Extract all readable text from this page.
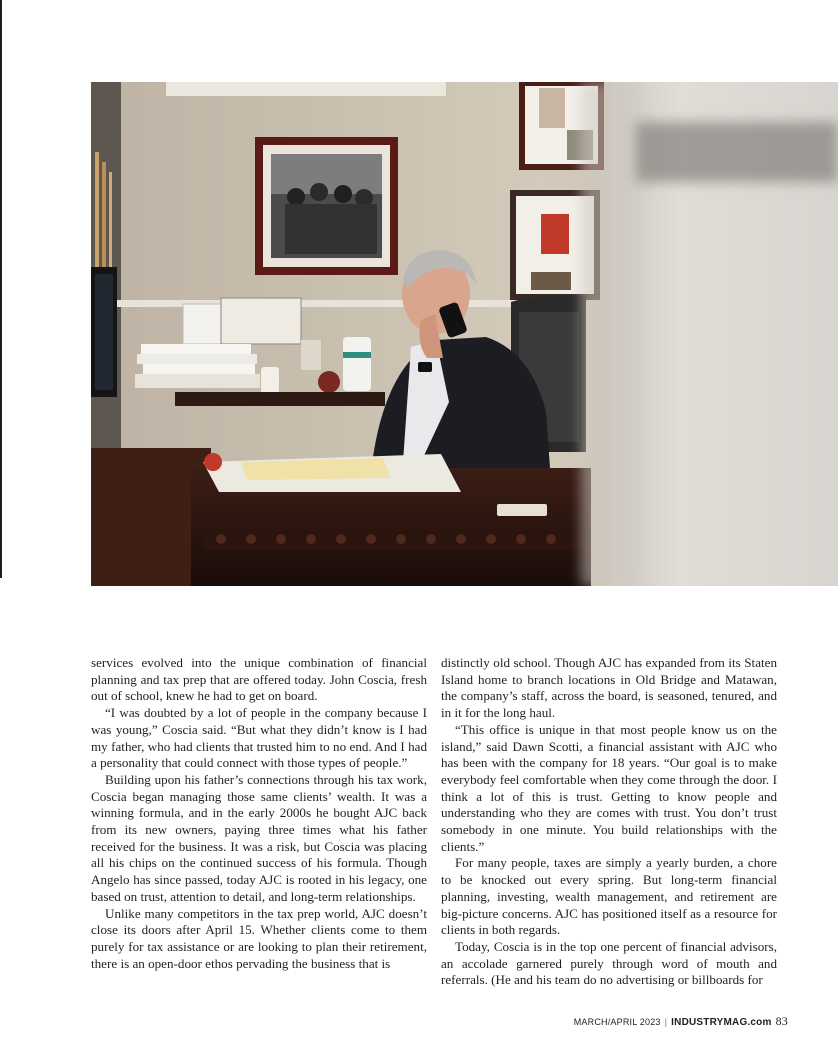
services evolved into the unique combination of financial planning and tax prep that are offered today. John Coscia, fresh out of school, knew he had to get on board.

“I was doubted by a lot of people in the company because I was young,” Coscia said. “But what they didn’t know is I had my father, who had clients that trusted him to no end. And I had a personality that could connect with those types of people.”

Building upon his father’s connections through his tax work, Coscia began managing those same clients’ wealth. It was a winning formula, and in the early 2000s he bought AJC back from its new owners, paying three times what his father received for the business. It was a risk, but Coscia was placing all his chips on the continued success of his formula. Though Angelo has since passed, today AJC is rooted in his legacy, one based on trust, attention to detail, and long-term relationships.

Unlike many competitors in the tax prep world, AJC doesn’t close its doors after April 15. Whether clients come to them purely for tax assistance or are looking to plan their retirement, there is an open-door ethos pervading the business that is

distinctly old school. Though AJC has expanded from its Staten Island home to branch locations in Old Bridge and Matawan, the company’s staff, across the board, is seasoned, tenured, and in it for the long haul.

“This office is unique in that most people know us on the island,” said Dawn Scotti, a financial assistant with AJC who has been with the company for 18 years. “Our goal is to make everybody feel comfortable when they come through the door. I think a lot of this is trust. Getting to know people and understanding who they are comes with trust. You don’t trust somebody in one minute. You build relationships with the clients.”

For many people, taxes are simply a yearly burden, a chore to be knocked out every spring. But long-term financial planning, investing, wealth management, and retirement are big-picture concerns. AJC has positioned itself as a resource for clients in both regards.

Today, Coscia is in the top one percent of financial advisors, an accolade garnered purely through word of mouth and referrals. (He and his team do no advertising or billboards for

MARCH/APRIL 2023 | INDUSTRYMAG.com 83
